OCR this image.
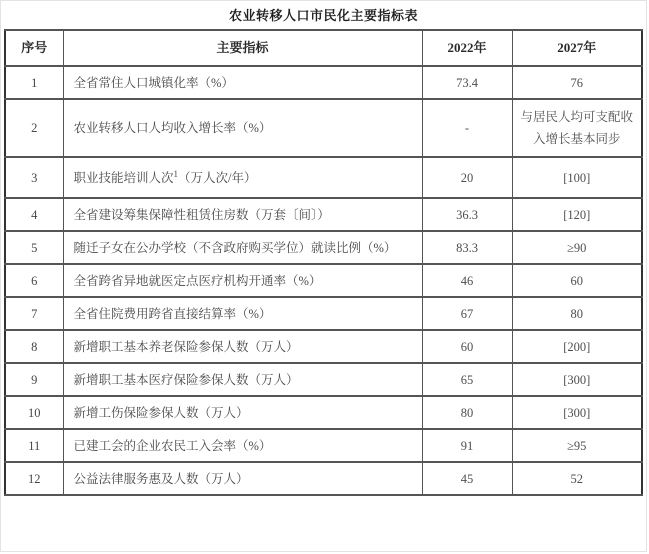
农业转移人口市民化主要指标表
序号	主要指标	2022年	2027年
1	全省常住人口城镇化率（%）	73.4	76
2	农业转移人口人均收入增长率（%）	-	与居民人均可支配收入增长基本同步
3	职业技能培训人次$^1$（万人次/年）	20	[100]
4	全省建设筹集保障性租赁住房数（万套〔间〕）	36.3	[120]
5	随迁子女在公办学校（不含政府购买学位）就读比例（%）	83.3	≥90
6	全省跨省异地就医定点医疗机构开通率（%）	46	60
7	全省住院费用跨省直接结算率（%）	67	80
8	新增职工基本养老保险参保人数（万人）	60	[200]
9	新增职工基本医疗保险参保人数（万人）	65	[300]
10	新增工伤保险参保人数（万人）	80	[300]
11	已建工会的企业农民工入会率（%）	91	≥95
12	公益法律服务惠及人数（万人）	45	52
